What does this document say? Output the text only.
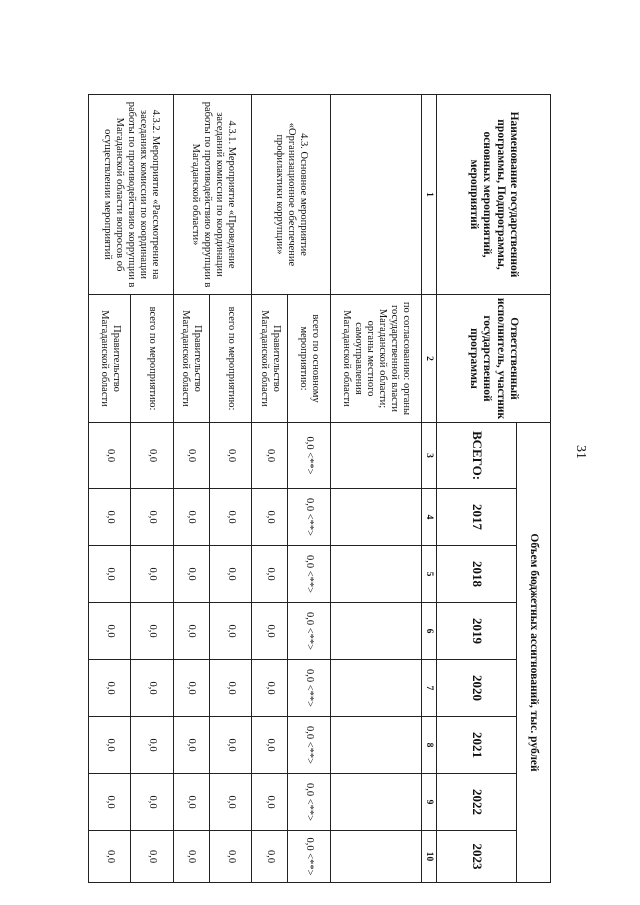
31
Наименование государственной программы, Подпрограммы, основных мероприятий, мероприятий	Ответственный исполнитель, участник государственной программы	Объем бюджетных ассигнований, тыс. рублей							
		ВСЕГО:	2017	2018	2019	2020	2021	2022	2023
1	2	3	4	5	6	7	8	9	10
	по согласованию: органы государственной власти Магаданской области; органы местного самоуправления Магаданской области								
4.3. Основное мероприятие «Организационное обеспечение профилактики коррупции»	всего по основному мероприятию:	0,0 <**>	0,0 <**>	0,0 <**>	0,0 <**>	0,0 <**>	0,0 <**>	0,0 <**>	0,0 <**>
	Правительство Магаданской области	0,0	0,0	0,0	0,0	0,0	0,0	0,0	0,0
4.3.1. Мероприятие «Проведение заседаний комиссии по координации работы по противодействию коррупции в Магаданской области»	всего по мероприятию:	0,0	0,0	0,0	0,0	0,0	0,0	0,0	0,0
	Правительство Магаданской области	0,0	0,0	0,0	0,0	0,0	0,0	0,0	0,0
4.3.2. Мероприятие «Рассмотрение на заседаниях комиссии по координации работы по противодействию коррупции в Магаданской области вопросов об осуществлении мероприятий	всего по мероприятию:	0,0	0,0	0,0	0,0	0,0	0,0	0,0	0,0
	Правительство Магаданской области	0,0	0,0	0,0	0,0	0,0	0,0	0,0	0,0
